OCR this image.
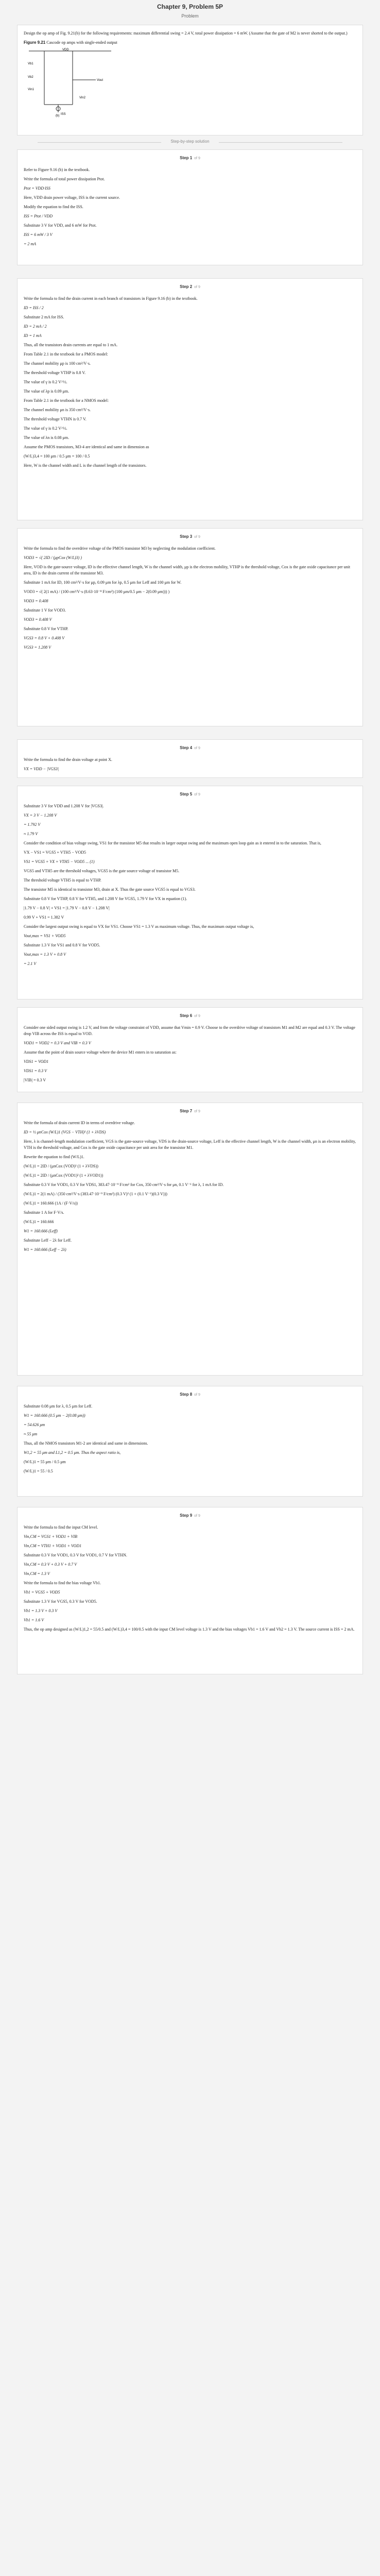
Chapter 9, Problem 5P
Problem

Design the op amp of Fig. 9.21(b) for the following requirements: maximum differential swing = 2.4 V, total power dissipation = 6 mW. (Assume that the gate of M2 is never shorted to the output.)

Figure 9.21 Cascode op amps with single-ended output
VDD
Vout
Vin1
Vin2
Vb1
Vb2
ISS
(b)
Step-by-step solution
Step 1 of 9

Refer to Figure 9.16 (b) in the textbook.

Write the formula of total power dissipation Ptot.

Ptot = VDD·ISS

Here, VDD drain power voltage, ISS is the current source.

Modify the equation to find the ISS.

ISS = Ptot / VDD

Substitute 3 V for VDD, and 6 mW for Ptot.

ISS = 6 mW / 3 V

= 2 mA

Step 2 of 9

Write the formula to find the drain current in each branch of transistors in Figure 9.16 (b) in the textbook.

ID = ISS / 2

Substitute 2 mA for ISS.

ID = 2 mA / 2

ID = 1 mA

Thus, all the transistors drain currents are equal to 1 mA.

From Table 2.1 in the textbook for a PMOS model:

The channel mobility μp is 100 cm²/V·s.

The threshold voltage VTHP is 0.8 V.

The value of γ is 0.2 V^½.

The value of λp is 0.09 μm.

From Table 2.1 in the textbook for a NMOS model:

The channel mobility μn is 350 cm²/V·s.

The threshold voltage VTHN is 0.7 V.

The value of γ is 0.2 V^½.

The value of λn is 0.08 μm.

Assume the PMOS transistors, M3-4 are identical and same in dimension as

(W/L)3,4 = 100 μm / 0.5 μm = 100 / 0.5

Here, W is the channel width and L is the channel length of the transistors.

Step 3 of 9

Write the formula to find the overdrive voltage of the PMOS transistor M3 by neglecting the modulation coefficient.

VOD3 = √( 2ID / (μpCox (W/L)3) )

Here, VOD is the gate-source voltage, ID is the effective channel length, W is the channel width, μp is the electron mobility, VTHP is the threshold voltage, Cox is the gate oxide capacitance per unit area, ID is the drain current of the transistor M3.

Substitute 1 mA for ID, 100 cm²/V·s for μp, 0.09 μm for λp, 0.5 μm for Leff and 100 μm for W.

VOD3 = √( 2(1 mA) / (100 cm²/V·s (8.63·10⁻⁸ F/cm²) (100 μm/0.5 μm − 2(0.09 μm))) )

VOD3 = 0.408

Substitute 1 V for VOD3.

VOD3 = 0.408 V

Substitute 0.8 V for VTHP.

VGS3 = 0.8 V + 0.408 V

VGS3 = 1.208 V

Step 4 of 9

Write the formula to find the drain voltage at point X.

VX = VDD − |VGS3|

Step 5 of 9

Substitute 3 V for VDD and 1.208 V for |VGS3|.

VX = 3 V − 1.208 V

= 1.792 V

≈ 1.79 V

Consider the condition of bias voltage swing, VS1 for the transistor M5 that results in larger output swing and the maximum open loop gain as it entered in to the saturation. That is,

VX − VS1 = VGS5 + VTH5 − VOD5

VS1 = VGS5 + VX + VTH5 − VOD5 ... (1)

VGS5 and VTH5 are the threshold voltages, VGS5 is the gate source voltage of transistor M5.

The threshold voltage VTH5 is equal to VTHP.

The transistor M5 is identical to transistor M3, drain at X. Thus the gate source VGS5 is equal to VGS3.

Substitute 0.8 V for VTHP, 0.8 V for VTH5, and 1.208 V for VGS5, 1.79 V for VX in equation (1).

|1.79 V − 0.8 V| + VS1 = |1.79 V − 0.8 V − 1.208 V|

0.99 V + VS1 = 1.382 V

Consider the largest output swing is equal to VX for VS1. Choose VS1 = 1.3 V as maximum voltage. Thus, the maximum output voltage is,

Vout,max = VS1 + VOD5

Substitute 1.3 V for VS1 and 0.8 V for VOD5.

Vout,max = 1.3 V + 0.8 V

= 2.1 V

Step 6 of 9

Consider one sided output swing is 1.2 V, and from the voltage constraint of VDD, assume that Vmin = 0.9 V. Choose to the overdrive voltage of transistors M1 and M2 are equal and 0.3 V. The voltage drop VIB across the ISS is equal to VOD.

VOD1 = VOD2 = 0.3 V and VIB = 0.3 V

Assume that the point of drain source voltage where the device M1 enters in to saturation as:

VDS1 = VOD1

VDS1 = 0.3 V

|VIB| = 0.3 V

Step 7 of 9

Write the formula of drain current ID in terms of overdrive voltage.

ID = ½ μnCox (W/L)1 (VGS − VTH)² (1 + λVDS)

Here, λ is channel-length modulation coefficient, VGS is the gate-source voltage, VDS is the drain-source voltage, Leff is the effective channel length, W is the channel width, μn is an electron mobility, VTH is the threshold voltage, and Cox is the gate oxide capacitance per unit area for the transistor M1.

Rewrite the equation to find (W/L)1.

(W/L)1 = 2ID / (μnCox (VOD)² (1 + λVDS))

(W/L)1 = 2ID / (μnCox (VOD1)² (1 + λVOD1))

Substitute 0.3 V for VOD1, 0.3 V for VDS1, 383.47·10⁻⁹ F/cm² for Cox, 350 cm²/V·s for μn, 0.1 V⁻¹ for λ, 1 mA for ID.

(W/L)1 = 2(1 mA) / (350 cm²/V·s (383.47·10⁻⁹ F/cm²) (0.3 V)² (1 + (0.1 V⁻¹)(0.3 V)))

(W/L)1 = 160.666 (1A / (F·V/s))

Substitute 1 A for F·V/s.

(W/L)1 = 160.666

W1 = 160.666 (Leff)

Substitute Leff − 2λ for Leff.

W1 = 160.666 (Leff − 2λ)

Step 8 of 9

Substitute 0.08 μm for λ, 0.5 μm for Leff.

W1 = 160.666 (0.5 μm − 2(0.08 μm))

= 54.626 μm

≈ 55 μm

Thus, all the NMOS transistors M1-2 are identical and same in dimensions.

W1,2 = 55 μm and L1,2 = 0.5 μm. Thus the aspect ratio is,

(W/L)1 = 55 μm / 0.5 μm

(W/L)1 = 55 / 0.5

Step 9 of 9

Write the formula to find the input CM level.

Vin,CM = VGS1 + VOD1 + VIB

Vin,CM = VTH1 + VOD1 + VOD1

Substitute 0.3 V for VOD1, 0.3 V for VOD1, 0.7 V for VTHN.

Vin,CM = 0.3 V + 0.3 V + 0.7 V

Vin,CM = 1.3 V

Write the formula to find the bias voltage Vb1.

Vb1 = VGS5 + VOD5

Substitute 1.3 V for VGS5, 0.3 V for VOD5.

Vb1 = 1.3 V + 0.3 V

Vb1 = 1.6 V

Thus, the op amp designed as (W/L)1,2 = 55/0.5 and (W/L)3,4 = 100/0.5 with the input CM level voltage is 1.3 V and the bias voltages Vb1 = 1.6 V and Vb2 = 1.3 V. The source current is ISS = 2 mA.
